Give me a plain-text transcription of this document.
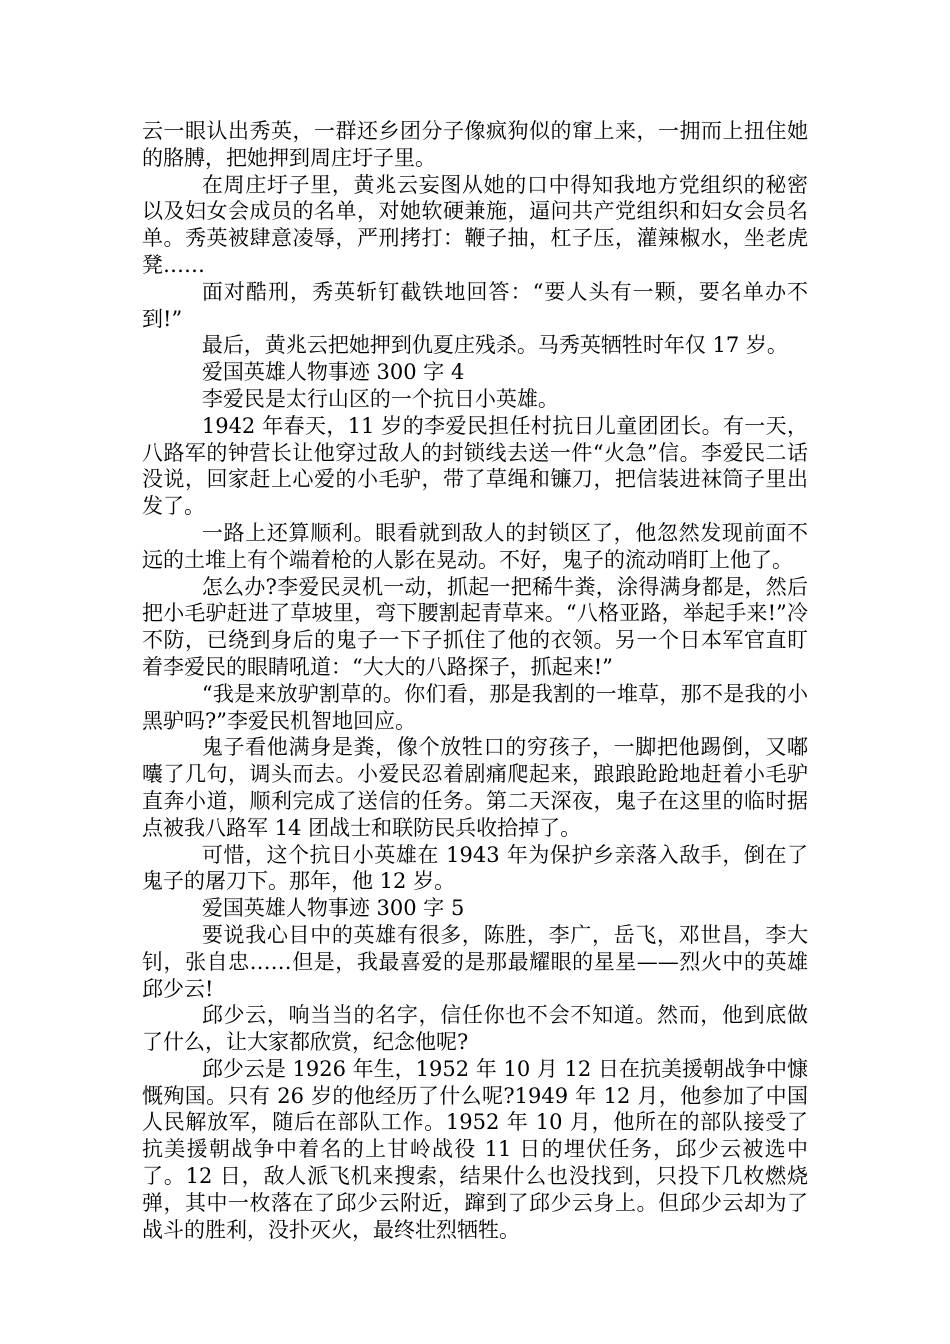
云一眼认出秀英，一群还乡团分子像疯狗似的窜上来，一拥而上扭住她的胳膊，把她押到周庄圩子里。

在周庄圩子里，黄兆云妄图从她的口中得知我地方党组织的秘密以及妇女会成员的名单，对她软硬兼施，逼问共产党组织和妇女会员名单。秀英被肆意凌辱，严刑拷打：鞭子抽，杠子压，灌辣椒水，坐老虎凳……

面对酷刑，秀英斩钉截铁地回答：“要人头有一颗，要名单办不到!”

最后，黄兆云把她押到仇夏庄残杀。马秀英牺牲时年仅 17 岁。

爱国英雄人物事迹 300 字 4

李爱民是太行山区的一个抗日小英雄。

1942 年春天，11 岁的李爱民担任村抗日儿童团团长。有一天，八路军的钟营长让他穿过敌人的封锁线去送一件“火急”信。李爱民二话没说，回家赶上心爱的小毛驴，带了草绳和镰刀，把信装进袜筒子里出发了。

一路上还算顺利。眼看就到敌人的封锁区了，他忽然发现前面不远的土堆上有个端着枪的人影在晃动。不好，鬼子的流动哨盯上他了。

怎么办?李爱民灵机一动，抓起一把稀牛粪，涂得满身都是，然后把小毛驴赶进了草坡里，弯下腰割起青草来。“八格亚路，举起手来!”冷不防，已绕到身后的鬼子一下子抓住了他的衣领。另一个日本军官直盯着李爱民的眼睛吼道：“大大的八路探子，抓起来!”

“我是来放驴割草的。你们看，那是我割的一堆草，那不是我的小黑驴吗?”李爱民机智地回应。

鬼子看他满身是粪，像个放牲口的穷孩子，一脚把他踢倒，又嘟囔了几句，调头而去。小爱民忍着剧痛爬起来，踉踉跄跄地赶着小毛驴直奔小道，顺利完成了送信的任务。第二天深夜，鬼子在这里的临时据点被我八路军 14 团战士和联防民兵收拾掉了。

可惜，这个抗日小英雄在 1943 年为保护乡亲落入敌手，倒在了鬼子的屠刀下。那年，他 12 岁。

爱国英雄人物事迹 300 字 5

要说我心目中的英雄有很多，陈胜，李广，岳飞，邓世昌，李大钊，张自忠……但是，我最喜爱的是那最耀眼的星星——烈火中的英雄邱少云!

邱少云，响当当的名字，信任你也不会不知道。然而，他到底做了什么，让大家都欣赏，纪念他呢?

邱少云是 1926 年生，1952 年 10 月 12 日在抗美援朝战争中慷慨殉国。只有 26 岁的他经历了什么呢?1949 年 12 月，他参加了中国人民解放军，随后在部队工作。1952 年 10 月，他所在的部队接受了抗美援朝战争中着名的上甘岭战役 11 日的埋伏任务，邱少云被选中了。12 日，敌人派飞机来搜索，结果什么也没找到，只投下几枚燃烧弹，其中一枚落在了邱少云附近，蹿到了邱少云身上。但邱少云却为了战斗的胜利，没扑灭火，最终壮烈牺牲。
